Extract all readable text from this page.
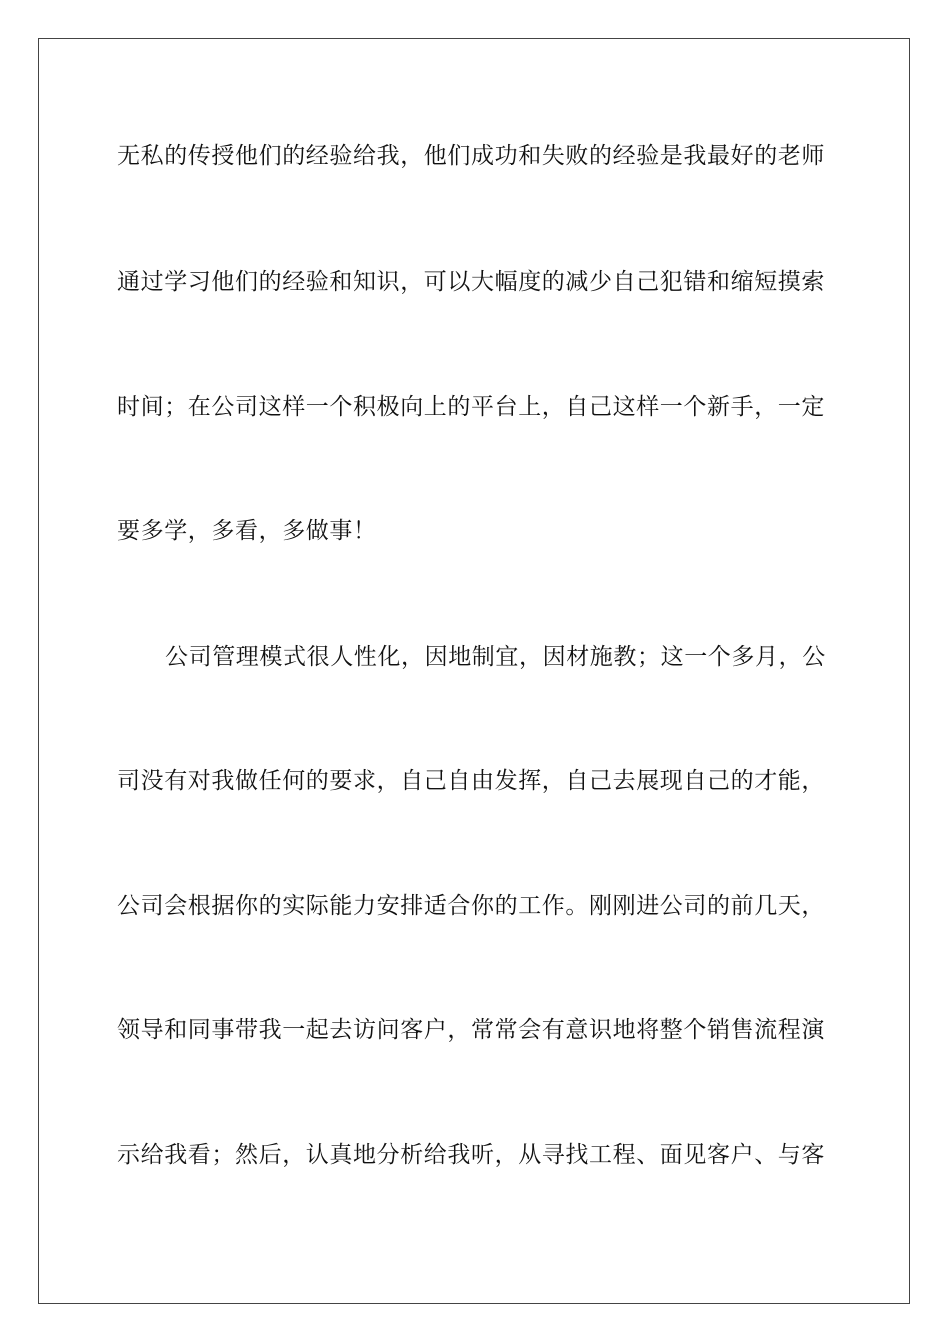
无私的传授他们的经验给我，他们成功和失败的经验是我最好的老师
通过学习他们的经验和知识，可以大幅度的减少自己犯错和缩短摸索
时间；在公司这样一个积极向上的平台上，自己这样一个新手，一定
要多学，多看，多做事！
公司管理模式很人性化，因地制宜，因材施教；这一个多月，公
司没有对我做任何的要求，自己自由发挥，自己去展现自己的才能，
公司会根据你的实际能力安排适合你的工作。刚刚进公司的前几天，
领导和同事带我一起去访问客户，常常会有意识地将整个销售流程演
示给我看；然后，认真地分析给我听，从寻找工程、面见客户、与客
